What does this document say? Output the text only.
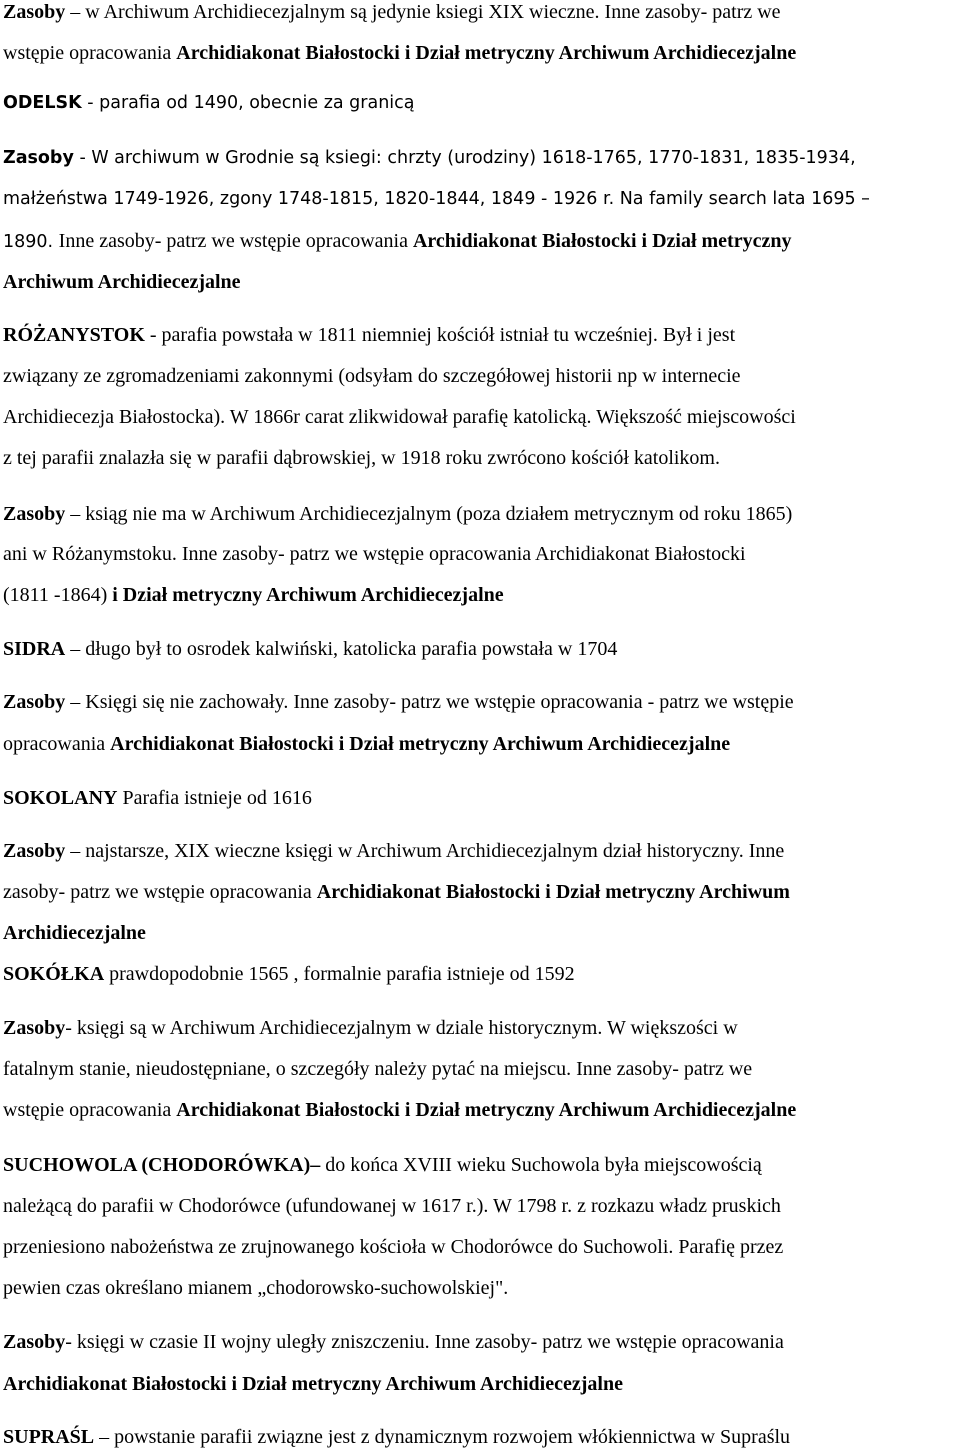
Zasoby – w Archiwum Archidiecezjalnym są jedynie ksiegi XIX wieczne. Inne zasoby- patrz we
wstępie opracowania Archidiakonat Białostocki i Dział metryczny Archiwum Archidiecezjalne
ODELSK - parafia od 1490, obecnie za granicą
Zasoby - W archiwum w Grodnie są ksiegi: chrzty (urodziny) 1618-1765, 1770-1831, 1835-1934,
małżeństwa 1749-1926, zgony 1748-1815, 1820-1844, 1849 - 1926 r. Na family search lata 1695 –
1890. Inne zasoby- patrz we wstępie opracowania Archidiakonat Białostocki i Dział metryczny
Archiwum Archidiecezjalne
RÓŻANYSTOK - parafia powstała w 1811 niemniej kościół istniał tu wcześniej. Był i jest
związany ze zgromadzeniami zakonnymi (odsyłam do szczegółowej historii np w internecie
Archidiecezja Białostocka). W 1866r carat zlikwidował parafię katolicką. Większość miejscowości
z tej parafii znalazła się w parafii dąbrowskiej, w 1918 roku zwrócono kościół katolikom.
Zasoby – ksiąg nie ma w Archiwum Archidiecezjalnym (poza działem metrycznym od roku 1865)
ani w Różanymstoku. Inne zasoby- patrz we wstępie opracowania Archidiakonat Białostocki
(1811 -1864) i Dział metryczny Archiwum Archidiecezjalne
SIDRA – długo był to osrodek kalwiński, katolicka parafia powstała w 1704
Zasoby – Księgi się nie zachowały. Inne zasoby- patrz we wstępie opracowania - patrz we wstępie
opracowania Archidiakonat Białostocki i Dział metryczny Archiwum Archidiecezjalne
SOKOLANY Parafia istnieje od 1616
Zasoby – najstarsze, XIX wieczne księgi w Archiwum Archidiecezjalnym dział historyczny. Inne
zasoby- patrz we wstępie opracowania Archidiakonat Białostocki i Dział metryczny Archiwum
Archidiecezjalne
SOKÓŁKA prawdopodobnie 1565 , formalnie parafia istnieje od 1592
Zasoby- księgi są w Archiwum Archidiecezjalnym w dziale historycznym. W większości w
fatalnym stanie, nieudostępniane, o szczegóły należy pytać na miejscu. Inne zasoby- patrz we
wstępie opracowania Archidiakonat Białostocki i Dział metryczny Archiwum Archidiecezjalne
SUCHOWOLA (CHODORÓWKA)– do końca XVIII wieku Suchowola była miejscowością
należącą do parafii w Chodorówce (ufundowanej w 1617 r.). W 1798 r. z rozkazu władz pruskich
przeniesiono nabożeństwa ze zrujnowanego kościoła w Chodorówce do Suchowoli. Parafię przez
pewien czas określano mianem „chodorowsko-suchowolskiej".
Zasoby- księgi w czasie II wojny uległy zniszczeniu. Inne zasoby- patrz we wstępie opracowania
Archidiakonat Białostocki i Dział metryczny Archiwum Archidiecezjalne
SUPRAŚL – powstanie parafii związne jest z dynamicznym rozwojem włókiennictwa w Supraślu
